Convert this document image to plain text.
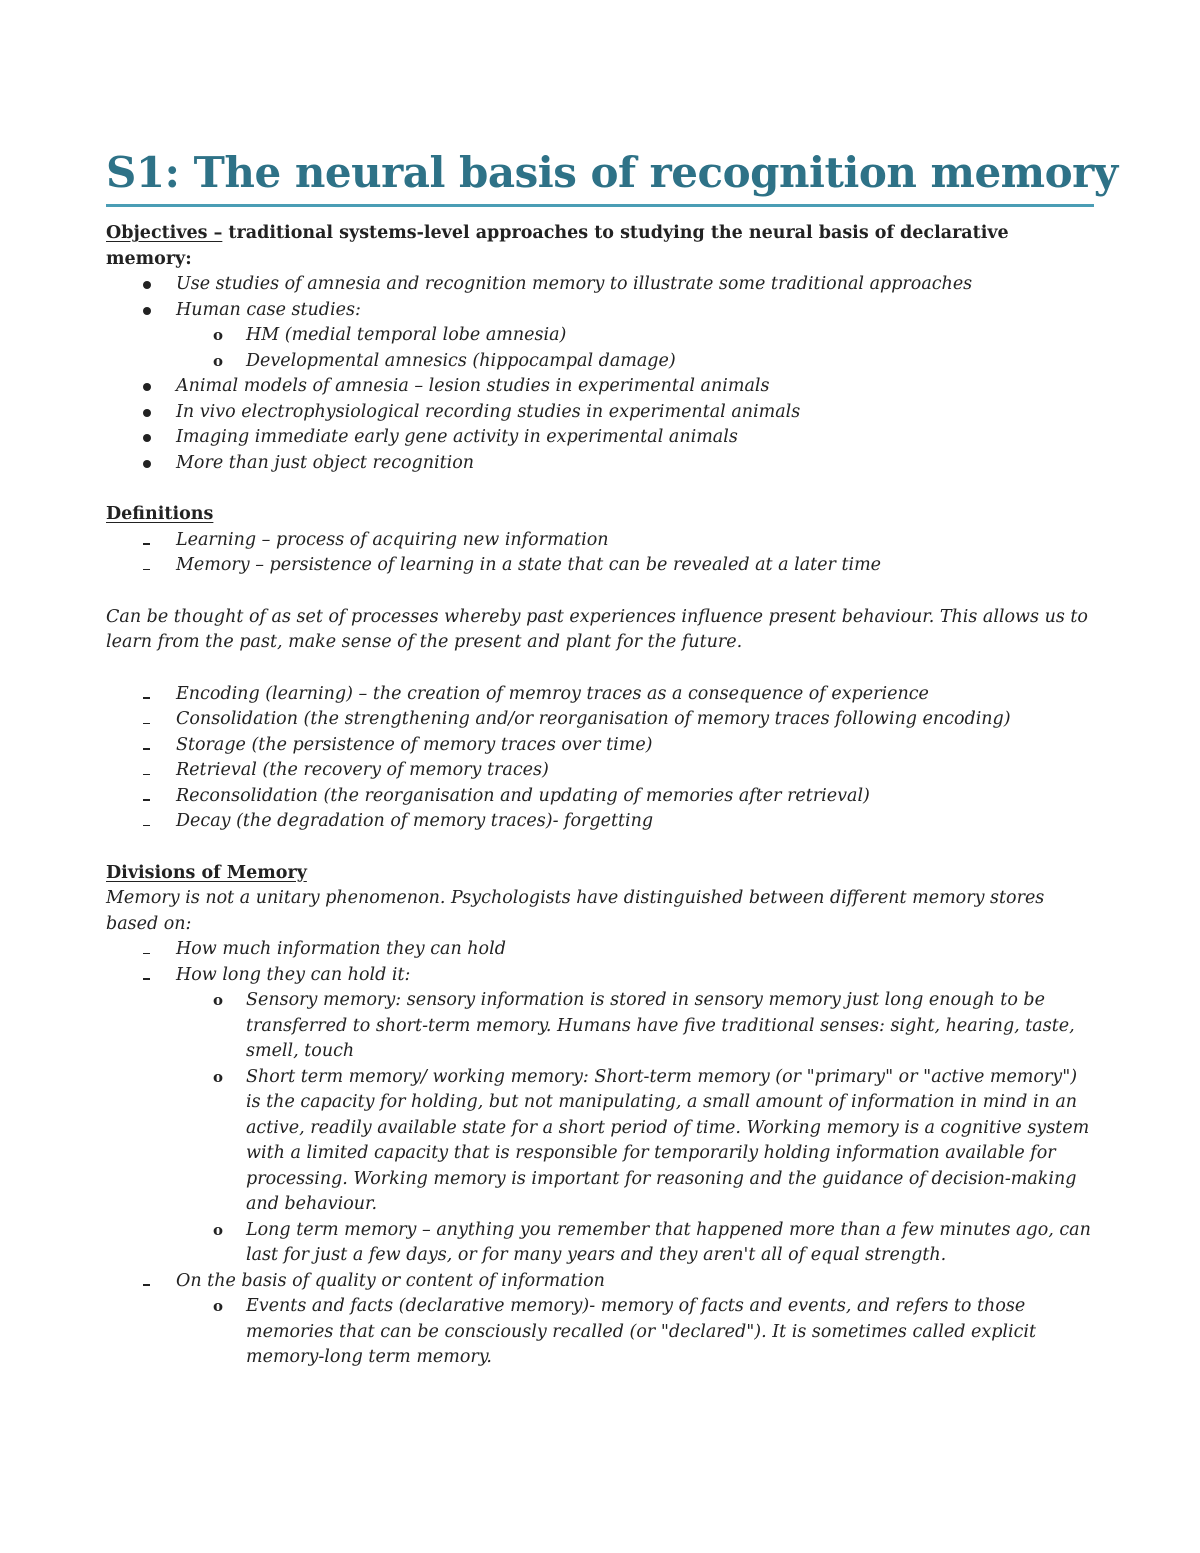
S1: The neural basis of recognition memory

Objectives – traditional systems-level approaches to studying the neural basis of declarative memory:

Use studies of amnesia and recognition memory to illustrate some traditional approaches
Human case studies:
o	HM (medial temporal lobe amnesia)
o	Developmental amnesics (hippocampal damage)
Animal models of amnesia – lesion studies in experimental animals
In vivo electrophysiological recording studies in experimental animals
Imaging immediate early gene activity in experimental animals
More than just object recognition

Definitions

Learning – process of acquiring new information
Memory – persistence of learning in a state that can be revealed at a later time

Can be thought of as set of processes whereby past experiences influence present behaviour. This allows us to learn from the past, make sense of the present and plant for the future.

Encoding (learning) – the creation of memroy traces as a consequence of experience
Consolidation (the strengthening and/or reorganisation of memory traces following encoding)
Storage (the persistence of memory traces over time)
Retrieval (the recovery of memory traces)
Reconsolidation (the reorganisation and updating of memories after retrieval)
Decay (the degradation of memory traces)- forgetting

Divisions of Memory

Memory is not a unitary phenomenon. Psychologists have distinguished between different memory stores based on:

How much information they can hold
How long they can hold it:
o	Sensory memory: sensory information is stored in sensory memory just long enough to be transferred to short-term memory. Humans have five traditional senses: sight, hearing, taste, smell, touch
o	Short term memory/ working memory: Short-term memory (or "primary" or "active memory") is the capacity for holding, but not manipulating, a small amount of information in mind in an active, readily available state for a short period of time. Working memory is a cognitive system with a limited capacity that is responsible for temporarily holding information available for processing. Working memory is important for reasoning and the guidance of decision-making and behaviour.
o	Long term memory – anything you remember that happened more than a few minutes ago, can last for just a few days, or for many years and they aren't all of equal strength.
On the basis of quality or content of information
o	Events and facts (declarative memory)- memory of facts and events, and refers to those memories that can be consciously recalled (or "declared"). It is sometimes called explicit memory-long term memory.
